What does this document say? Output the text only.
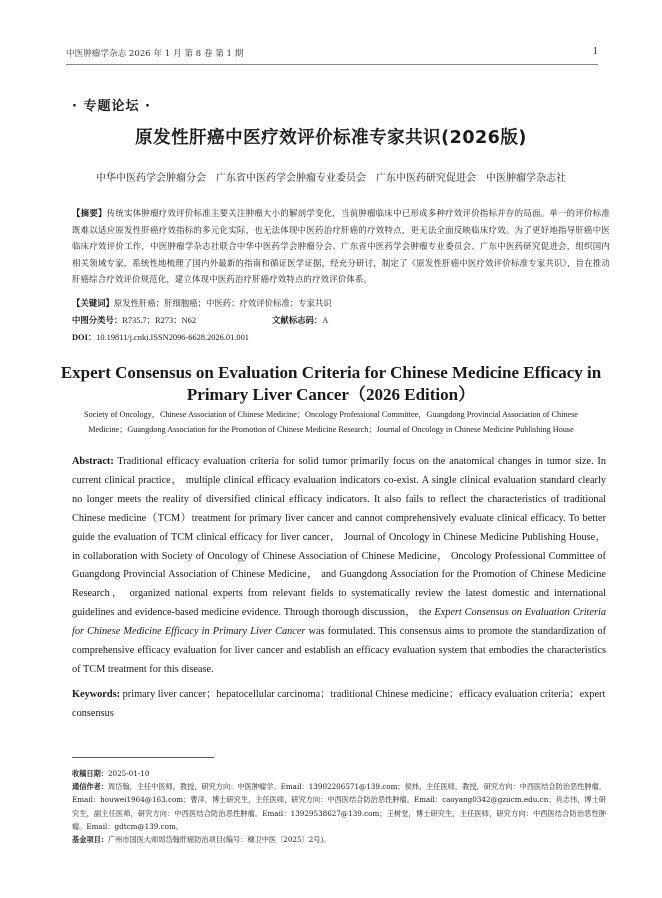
中医肿瘤学杂志 2026 年 1 月 第 8 卷 第 1 期	1
· 专题论坛 ·
原发性肝癌中医疗效评价标准专家共识(2026版)
中华中医药学会肿瘤分会　广东省中医药学会肿瘤专业委员会　广东中医药研究促进会　中医肿瘤学杂志社
【摘要】传统实体肿瘤疗效评价标准主要关注肿瘤大小的解剖学变化，当前肿瘤临床中已形成多种疗效评价指标并存的局面。单一的评价标准既难以适应原发性肝癌疗效指标的多元化实际，也无法体现中医药治疗肝癌的疗效特点，更无法全面反映临床疗效。为了更好地指导肝癌中医临床疗效评价工作，中医肿瘤学杂志社联合中华中医药学会肿瘤分会、广东省中医药学会肿瘤专业委员会、广东中医药研究促进会，组织国内相关领域专家，系统性地梳理了国内外最新的指南和循证医学证据，经充分研讨，制定了《原发性肝癌中医疗效评价标准专家共识》，旨在推动肝癌综合疗效评价规范化，建立体现中医药治疗肝癌疗效特点的疗效评价体系。
【关键词】原发性肝癌；肝细胞癌；中医药；疗效评价标准；专家共识
中图分类号：R735.7；R273；N62	文献标志码：A
DOI：10.19811/j.cnki.ISSN2096-6628.2026.01.001
Expert Consensus on Evaluation Criteria for Chinese Medicine Efficacy in Primary Liver Cancer（2026 Edition）
Society of Oncology，Chinese Association of Chinese Medicine；Oncology Professional Committee，Guangdong Provincial Association of Chinese Medicine；Guangdong Association for the Promotion of Chinese Medicine Research；Journal of Oncology in Chinese Medicine Publishing House
Abstract: Traditional efficacy evaluation criteria for solid tumor primarily focus on the anatomical changes in tumor size. In current clinical practice， multiple clinical efficacy evaluation indicators co-exist. A single clinical evaluation standard clearly no longer meets the reality of diversified clinical efficacy indicators. It also fails to reflect the characteristics of traditional Chinese medicine（TCM）treatment for primary liver cancer and cannot comprehensively evaluate clinical efficacy. To better guide the evaluation of TCM clinical efficacy for liver cancer， Journal of Oncology in Chinese Medicine Publishing House， in collaboration with Society of Oncology of Chinese Association of Chinese Medicine， Oncology Professional Committee of Guangdong Provincial Association of Chinese Medicine， and Guangdong Association for the Promotion of Chinese Medicine Research， organized national experts from relevant fields to systematically review the latest domestic and international guidelines and evidence-based medicine evidence. Through thorough discussion， the Expert Consensus on Evaluation Criteria for Chinese Medicine Efficacy in Primary Liver Cancer was formulated. This consensus aims to promote the standardization of comprehensive efficacy evaluation for liver cancer and establish an efficacy evaluation system that embodies the characteristics of TCM treatment for this disease.
Keywords: primary liver cancer；hepatocellular carcinoma；traditional Chinese medicine；efficacy evaluation criteria；expert consensus

收稿日期：2025-01-10

通信作者：周岱翰，主任中医师，教授，研究方向：中医肿瘤学。Email：13902206571@139.com；侯炜，主任医师，教授，研究方向：中西医结合防治恶性肿瘤。Email：houwei1964@163.com；曹洋，博士研究生，主任医师，研究方向：中西医结合防治恶性肿瘤。Email：caoyang0342@gzucm.edu.cn；肖志伟，博士研究生，副主任医师，研究方向：中西医结合防治恶性肿瘤。Email：13929538627@139.com；王树堂，博士研究生，主任医师，研究方向：中西医结合防治恶性肿瘤。Email：gdtcm@139.com。

基金项目：广州市国医大师周岱翰肝癌防治项目(编号：穗卫中医〔2025〕2号)。
